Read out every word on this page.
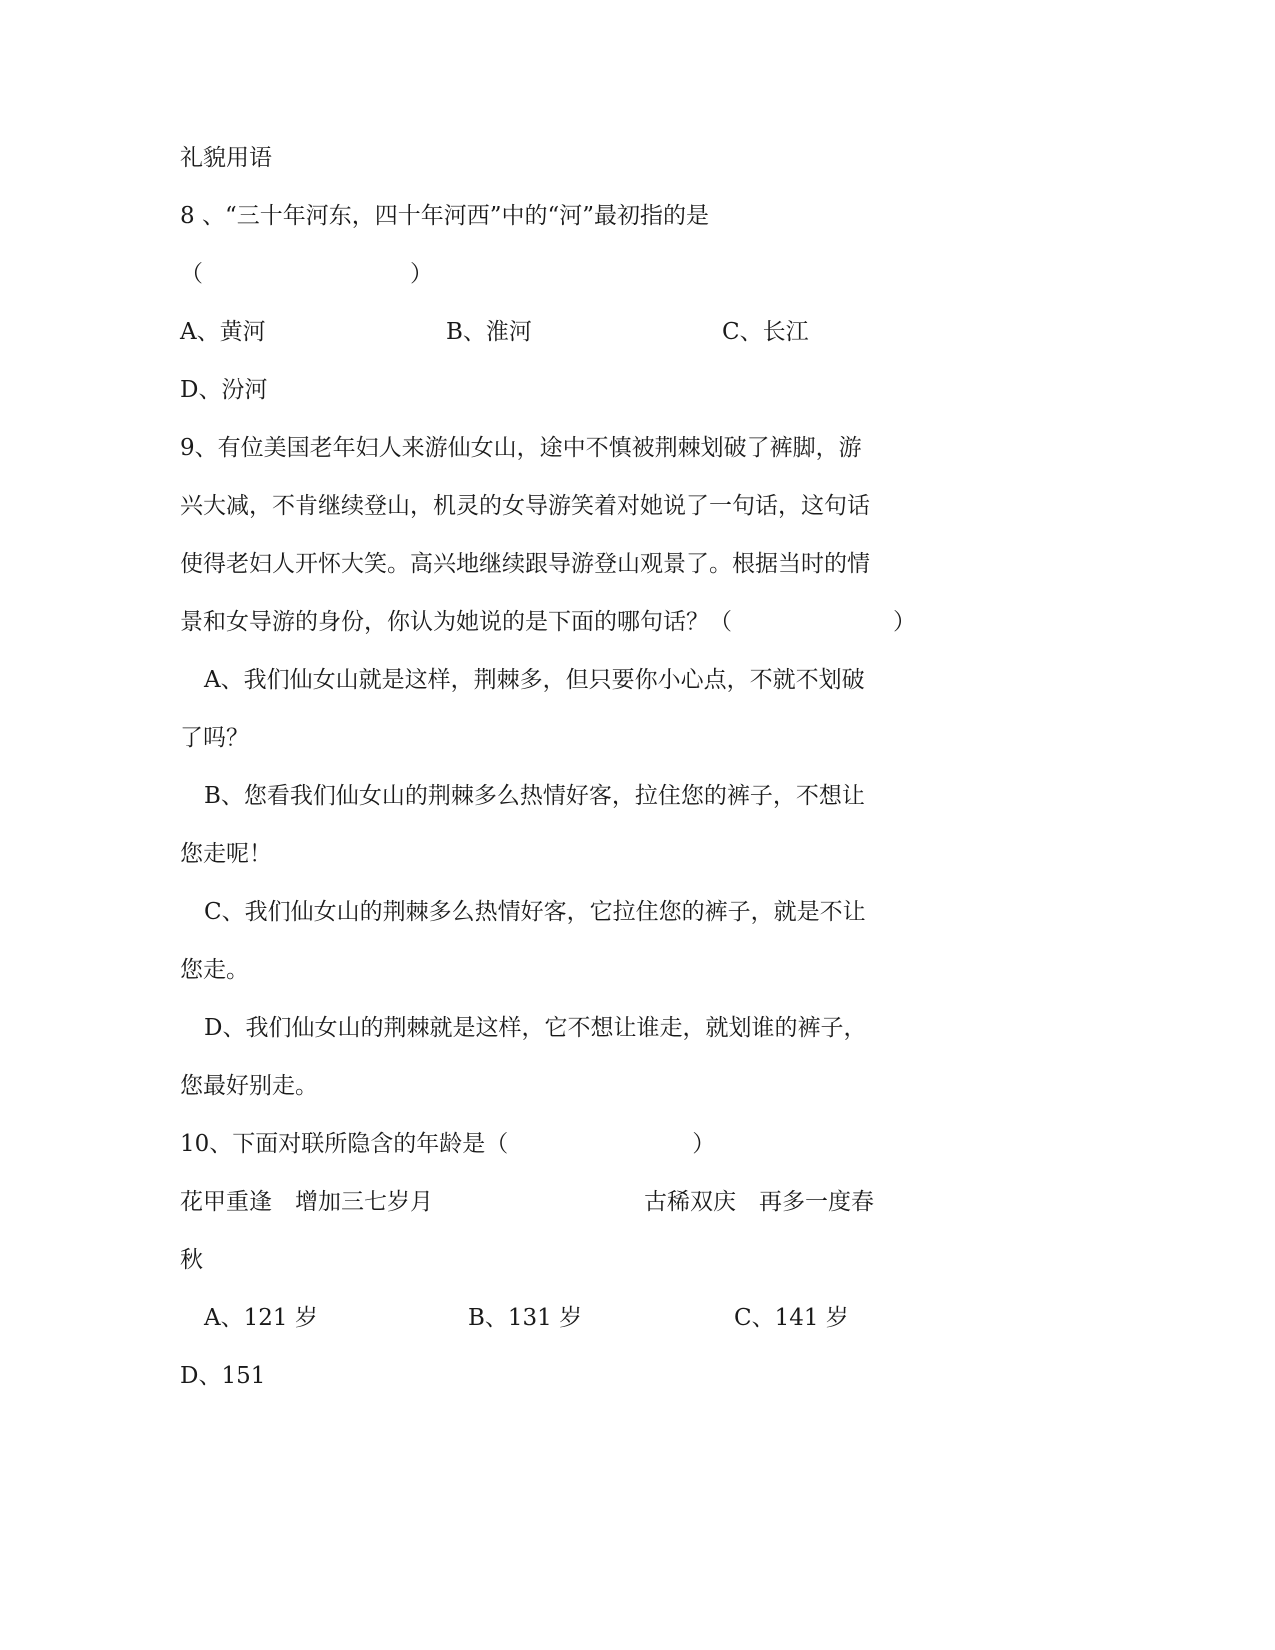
礼貌用语
8 、“三十年河东，四十年河西”中的“河”最初指的是
（　　　　　　　　　）
A、黄河	B、淮河	C、长江
D、汾河
9、有位美国老年妇人来游仙女山，途中不慎被荆棘划破了裤脚，游
兴大减，不肯继续登山，机灵的女导游笑着对她说了一句话，这句话
使得老妇人开怀大笑。高兴地继续跟导游登山观景了。根据当时的情
景和女导游的身份，你认为她说的是下面的哪句话？（　　　　　　　）
A、我们仙女山就是这样，荆棘多，但只要你小心点，不就不划破
了吗？
B、您看我们仙女山的荆棘多么热情好客，拉住您的裤子，不想让
您走呢！
C、我们仙女山的荆棘多么热情好客，它拉住您的裤子，就是不让
您走。
D、我们仙女山的荆棘就是这样，它不想让谁走，就划谁的裤子，
您最好别走。
10、下面对联所隐含的年龄是（　　　　　　　　）
花甲重逢　增加三七岁月	古稀双庆　再多一度春
秋
A、121 岁	B、131 岁	C、141 岁
D、151
